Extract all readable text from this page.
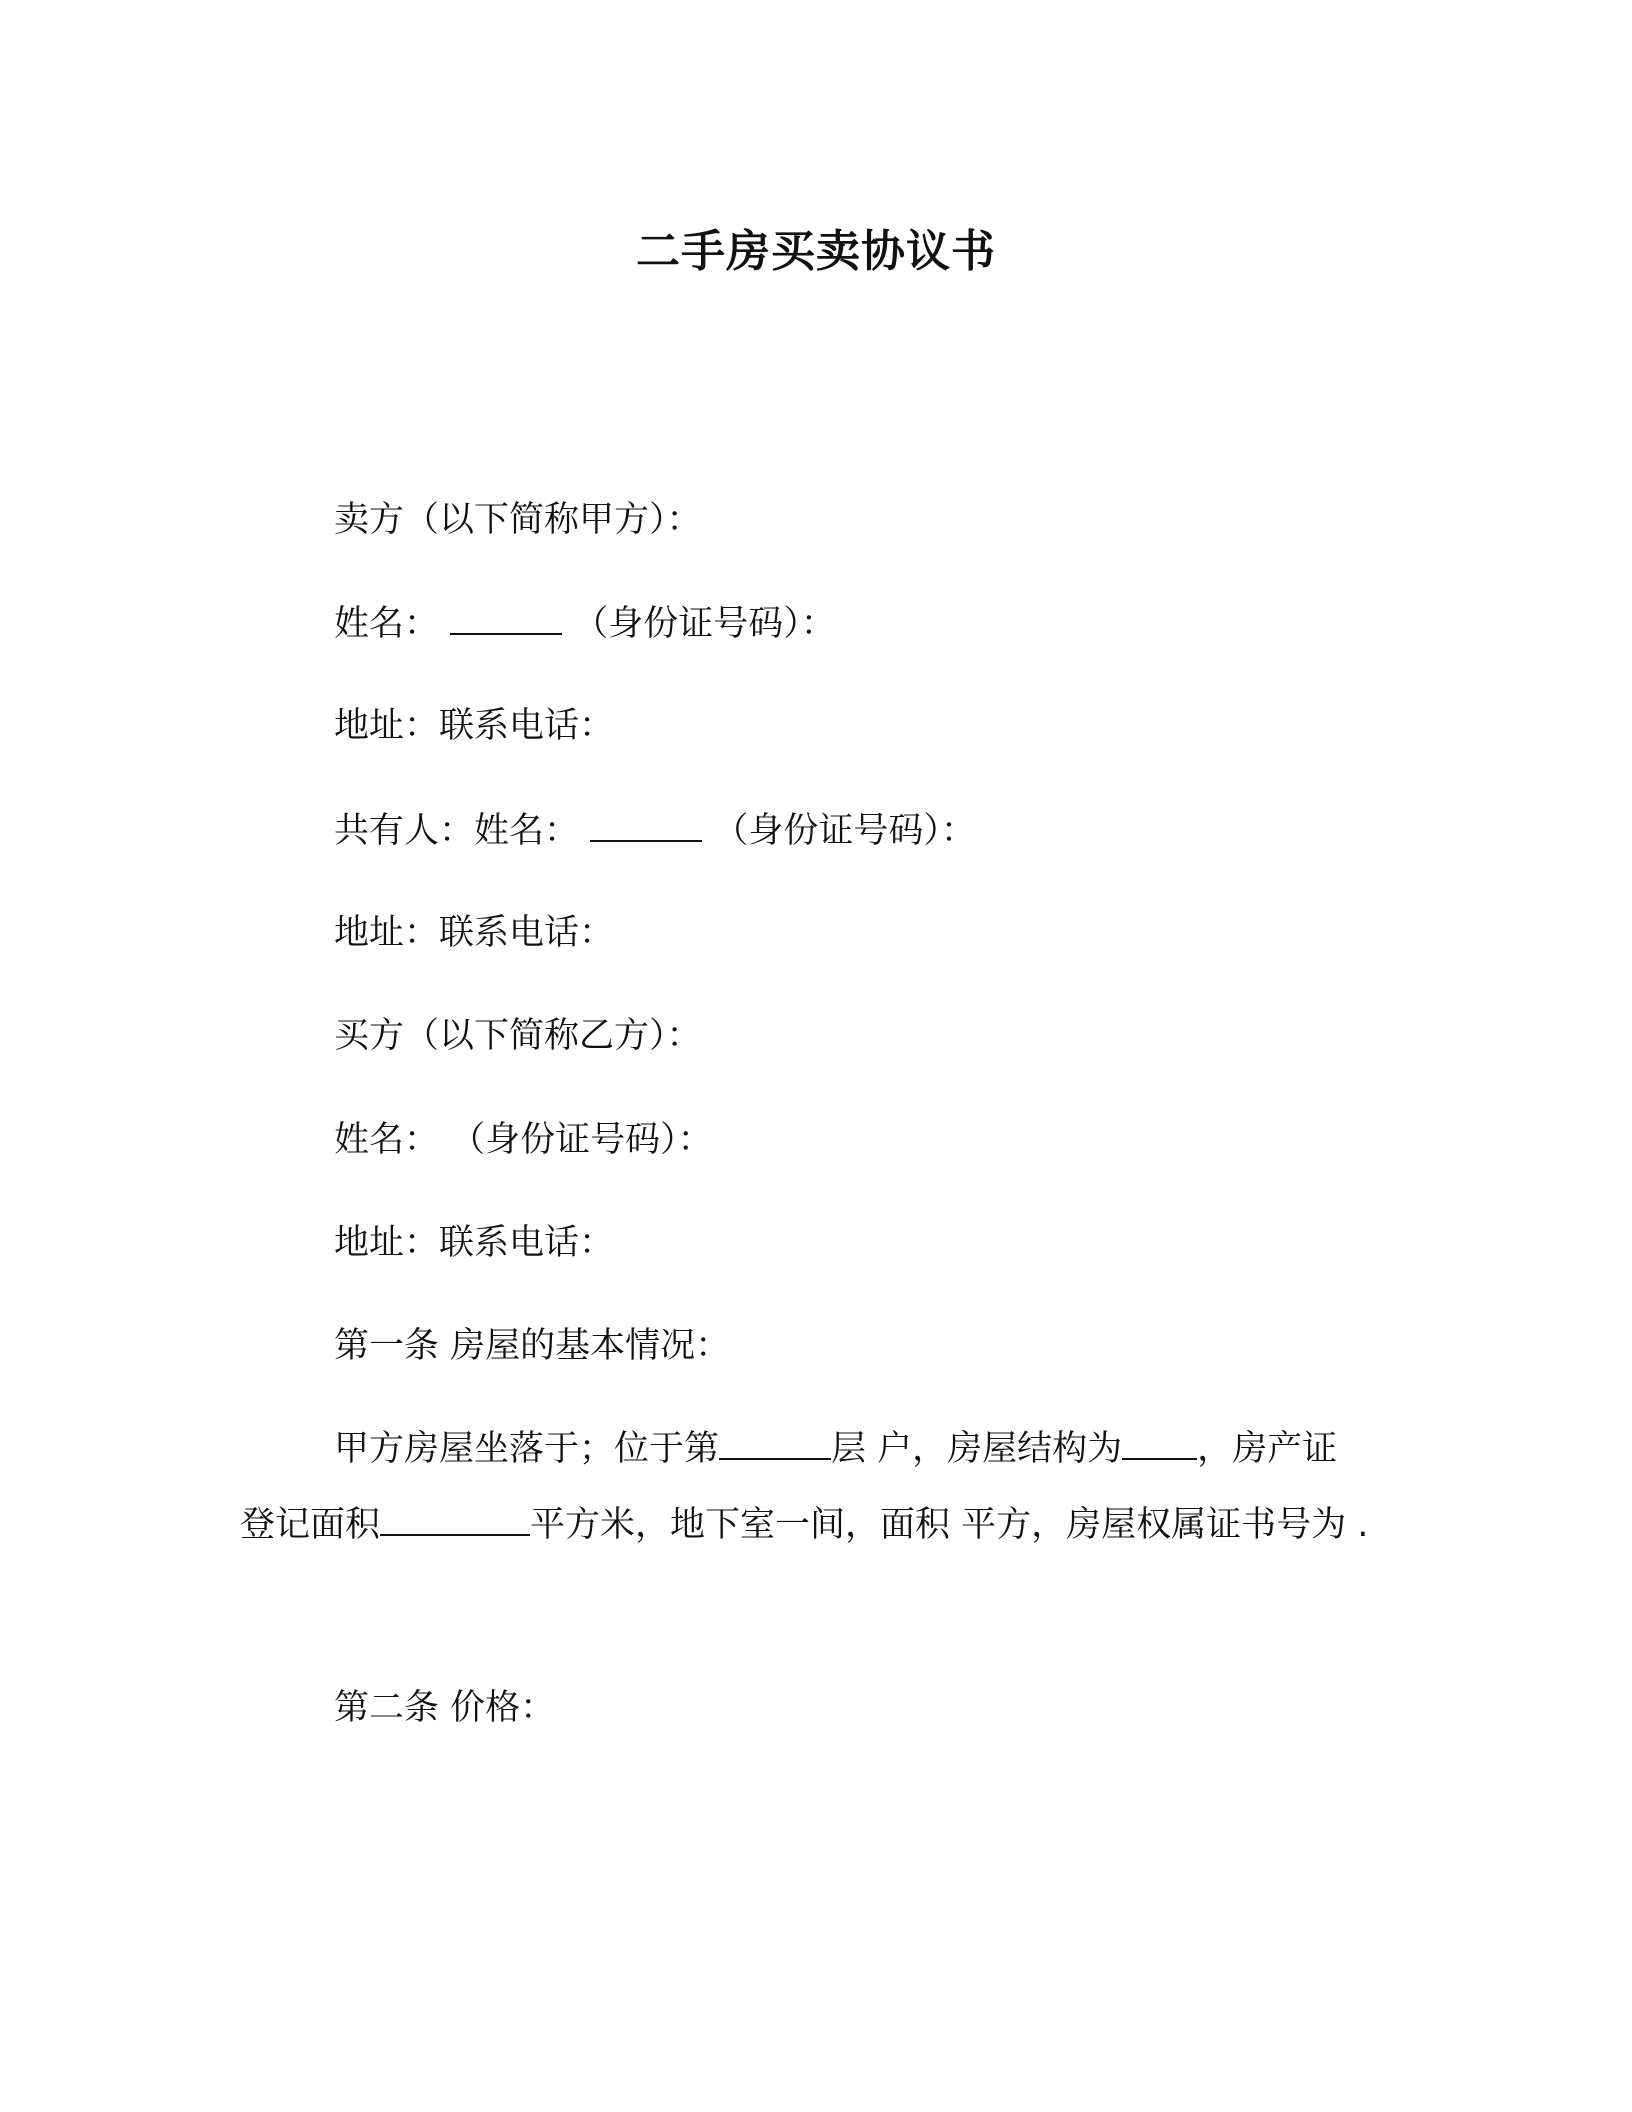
二手房买卖协议书
卖方（以下简称甲方）：
姓名：	（身份证号码）：
地址：联系电话：
共有人：姓名：	（身份证号码）：
地址：联系电话：
买方（以下简称乙方）：
姓名： （身份证号码）：
地址：联系电话：
第一条 房屋的基本情况：
甲方房屋坐落于；位于第	层 户，房屋结构为 ，房产证登记面积	平方米，地下室一间，面积 平方，房屋权属证书号为 .
第二条 价格：
